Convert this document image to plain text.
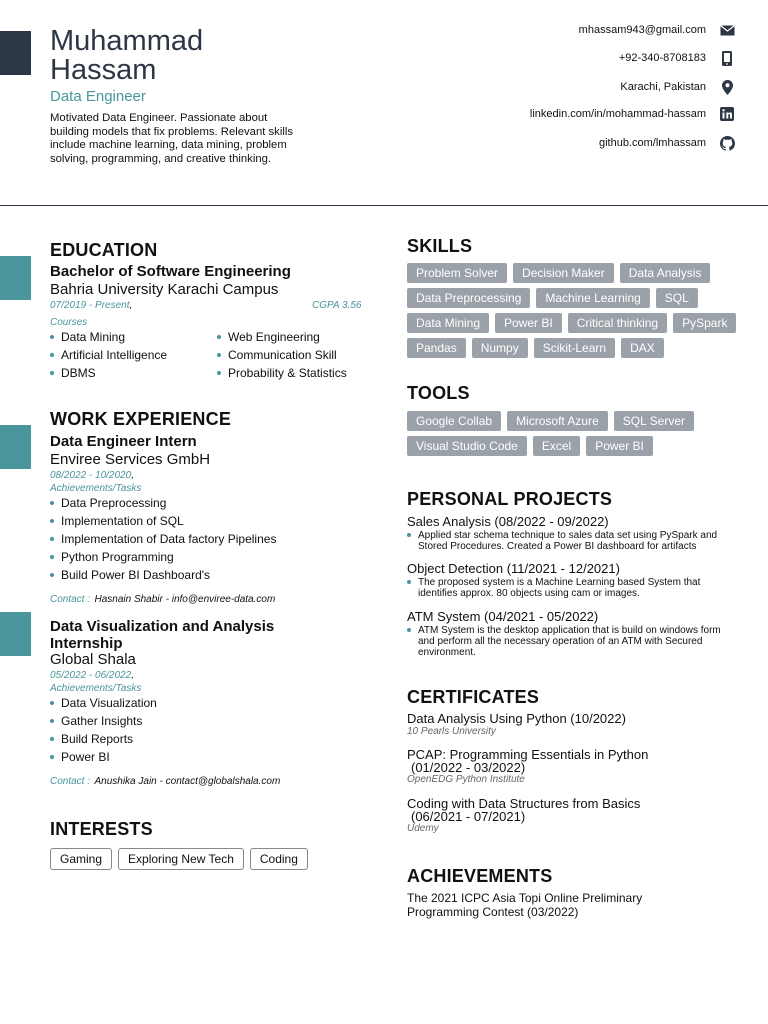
Muhammad
Hassam
Data Engineer
Motivated Data Engineer. Passionate about building models that fix problems. Relevant skills include machine learning, data mining, problem solving, programming, and creative thinking.
mhassam943@gmail.com
+92-340-8708183
Karachi, Pakistan
linkedin.com/in/mohammad-hassam
github.com/lmhassam
EDUCATION
Bachelor of Software Engineering
Bahria University Karachi Campus
07/2019 - Present,	CGPA 3.56
Courses
Data Mining
Artificial Intelligence
DBMS
Web Engineering
Communication Skill
Probability & Statistics
WORK EXPERIENCE
Data Engineer Intern
Enviree Services GmbH
08/2022 - 10/2020,
Achievements/Tasks
Data Preprocessing
Implementation of SQL
Implementation of Data factory Pipelines
Python Programming
Build Power BI Dashboard's
Contact : Hasnain Shabir - info@enviree-data.com
Data Visualization and Analysis Internship
Global Shala
05/2022 - 06/2022,
Achievements/Tasks
Data Visualization
Gather Insights
Build Reports
Power BI
Contact : Anushika Jain - contact@globalshala.com
INTERESTS
Gaming Exploring New Tech Coding
SKILLS
Problem Solver Decision Maker Data Analysis
Data Preprocessing Machine Learning SQL
Data Mining Power BI Critical thinking PySpark
Pandas Numpy Scikit-Learn DAX
TOOLS
Google Collab Microsoft Azure SQL Server
Visual Studio Code Excel Power BI
PERSONAL PROJECTS
Sales Analysis (08/2022 - 09/2022)
Applied star schema technique to sales data set using PySpark and Stored Procedures. Created a Power BI dashboard for artifacts
Object Detection (11/2021 - 12/2021)
The proposed system is a Machine Learning based System that identifies approx. 80 objects using cam or images.
ATM System (04/2021 - 05/2022)
ATM System is the desktop application that is build on windows form and perform all the necessary operation of an ATM with Secured environment.
CERTIFICATES
Data Analysis Using Python (10/2022)
10 Pearls University
PCAP: Programming Essentials in Python
(01/2022 - 03/2022)
OpenEDG Python Institute
Coding with Data Structures from Basics
(06/2021 - 07/2021)
Udemy
ACHIEVEMENTS
The 2021 ICPC Asia Topi Online Preliminary Programming Contest (03/2022)
